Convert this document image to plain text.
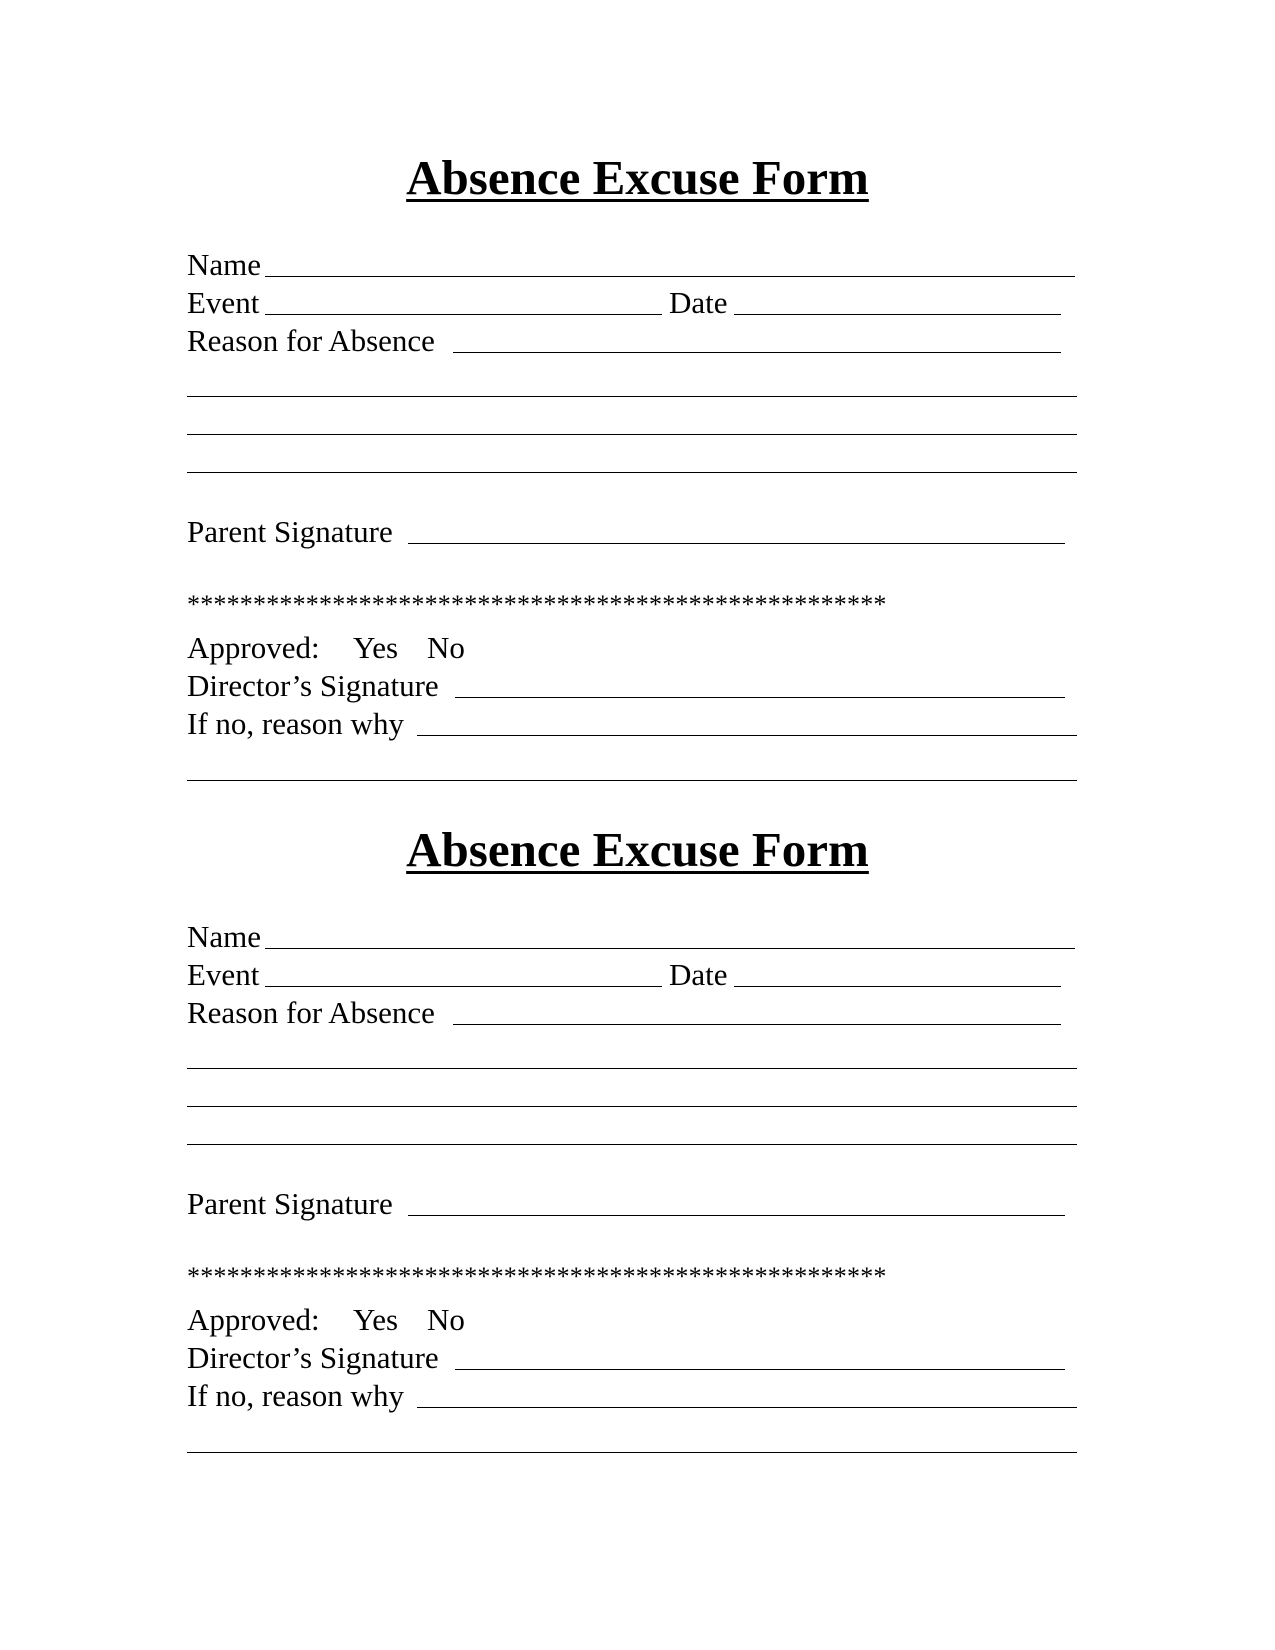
Absence Excuse Form
Name
Event	Date
Reason for Absence
Parent Signature
*****************************************************
Approved: Yes No
Director’s Signature
If no, reason why
Absence Excuse Form
Name
Event	Date
Reason for Absence
Parent Signature
*****************************************************
Approved: Yes No
Director’s Signature
If no, reason why
